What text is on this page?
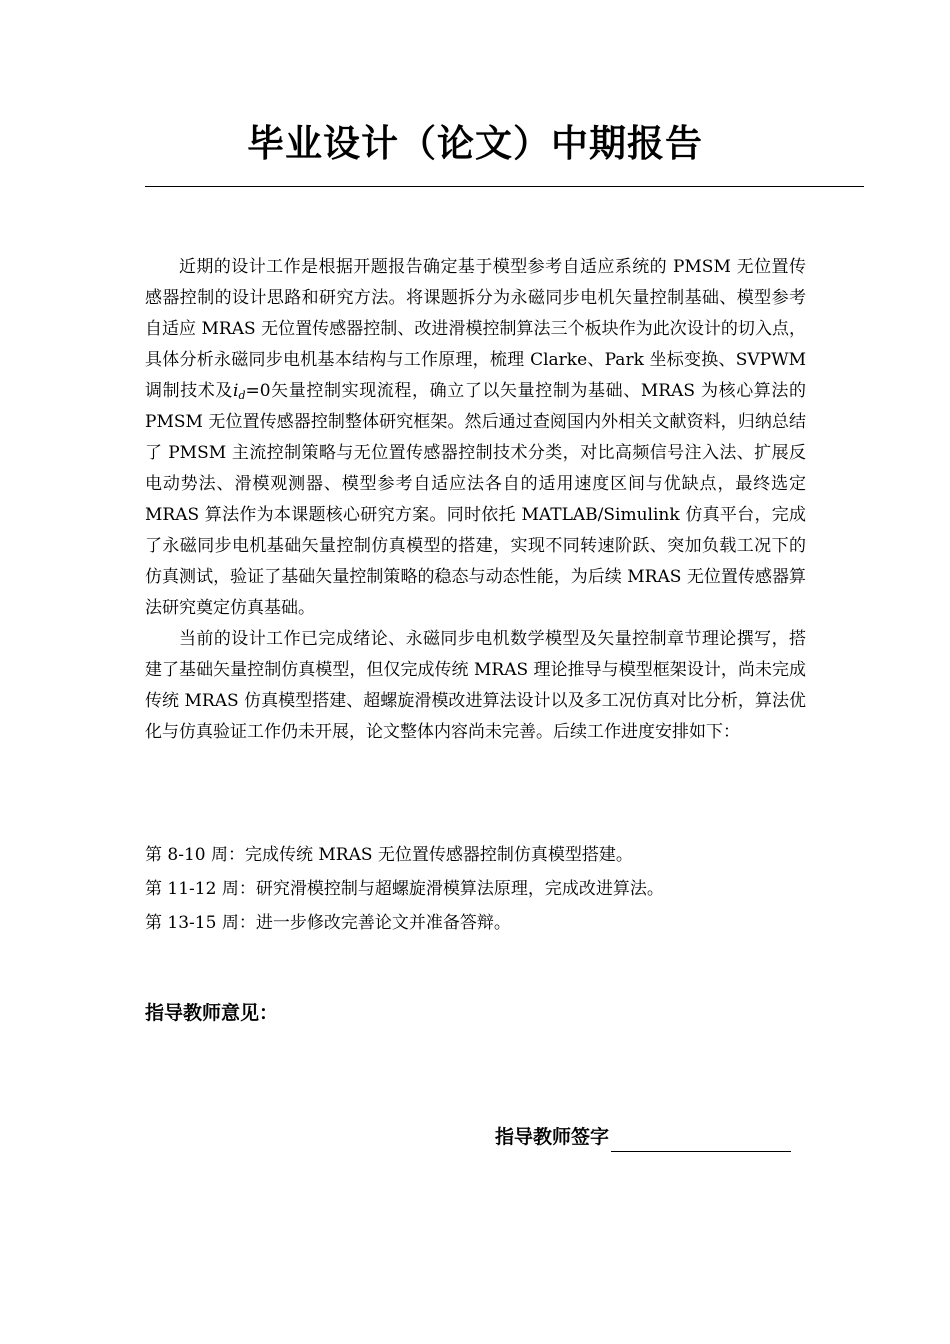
毕业设计（论文）中期报告

近期的设计工作是根据开题报告确定基于模型参考自适应系统的 PMSM 无位置传感器控制的设计思路和研究方法。将课题拆分为永磁同步电机矢量控制基础、模型参考自适应 MRAS 无位置传感器控制、改进滑模控制算法三个板块作为此次设计的切入点，具体分析永磁同步电机基本结构与工作原理，梳理 Clarke、Park 坐标变换、SVPWM 调制技术及$i_d=0$矢量控制实现流程，确立了以矢量控制为基础、MRAS 为核心算法的 PMSM 无位置传感器控制整体研究框架。然后通过查阅国内外相关文献资料，归纳总结了 PMSM 主流控制策略与无位置传感器控制技术分类，对比高频信号注入法、扩展反电动势法、滑模观测器、模型参考自适应法各自的适用速度区间与优缺点，最终选定 MRAS 算法作为本课题核心研究方案。同时依托 MATLAB/Simulink 仿真平台，完成了永磁同步电机基础矢量控制仿真模型的搭建，实现不同转速阶跃、突加负载工况下的仿真测试，验证了基础矢量控制策略的稳态与动态性能，为后续 MRAS 无位置传感器算法研究奠定仿真基础。

当前的设计工作已完成绪论、永磁同步电机数学模型及矢量控制章节理论撰写，搭建了基础矢量控制仿真模型，但仅完成传统 MRAS 理论推导与模型框架设计，尚未完成传统 MRAS 仿真模型搭建、超螺旋滑模改进算法设计以及多工况仿真对比分析，算法优化与仿真验证工作仍未开展，论文整体内容尚未完善。后续工作进度安排如下：

第 8-10 周：完成传统 MRAS 无位置传感器控制仿真模型搭建。

第 11-12 周：研究滑模控制与超螺旋滑模算法原理，完成改进算法。

第 13-15 周：进一步修改完善论文并准备答辩。

指导教师意见：

指导教师签字
